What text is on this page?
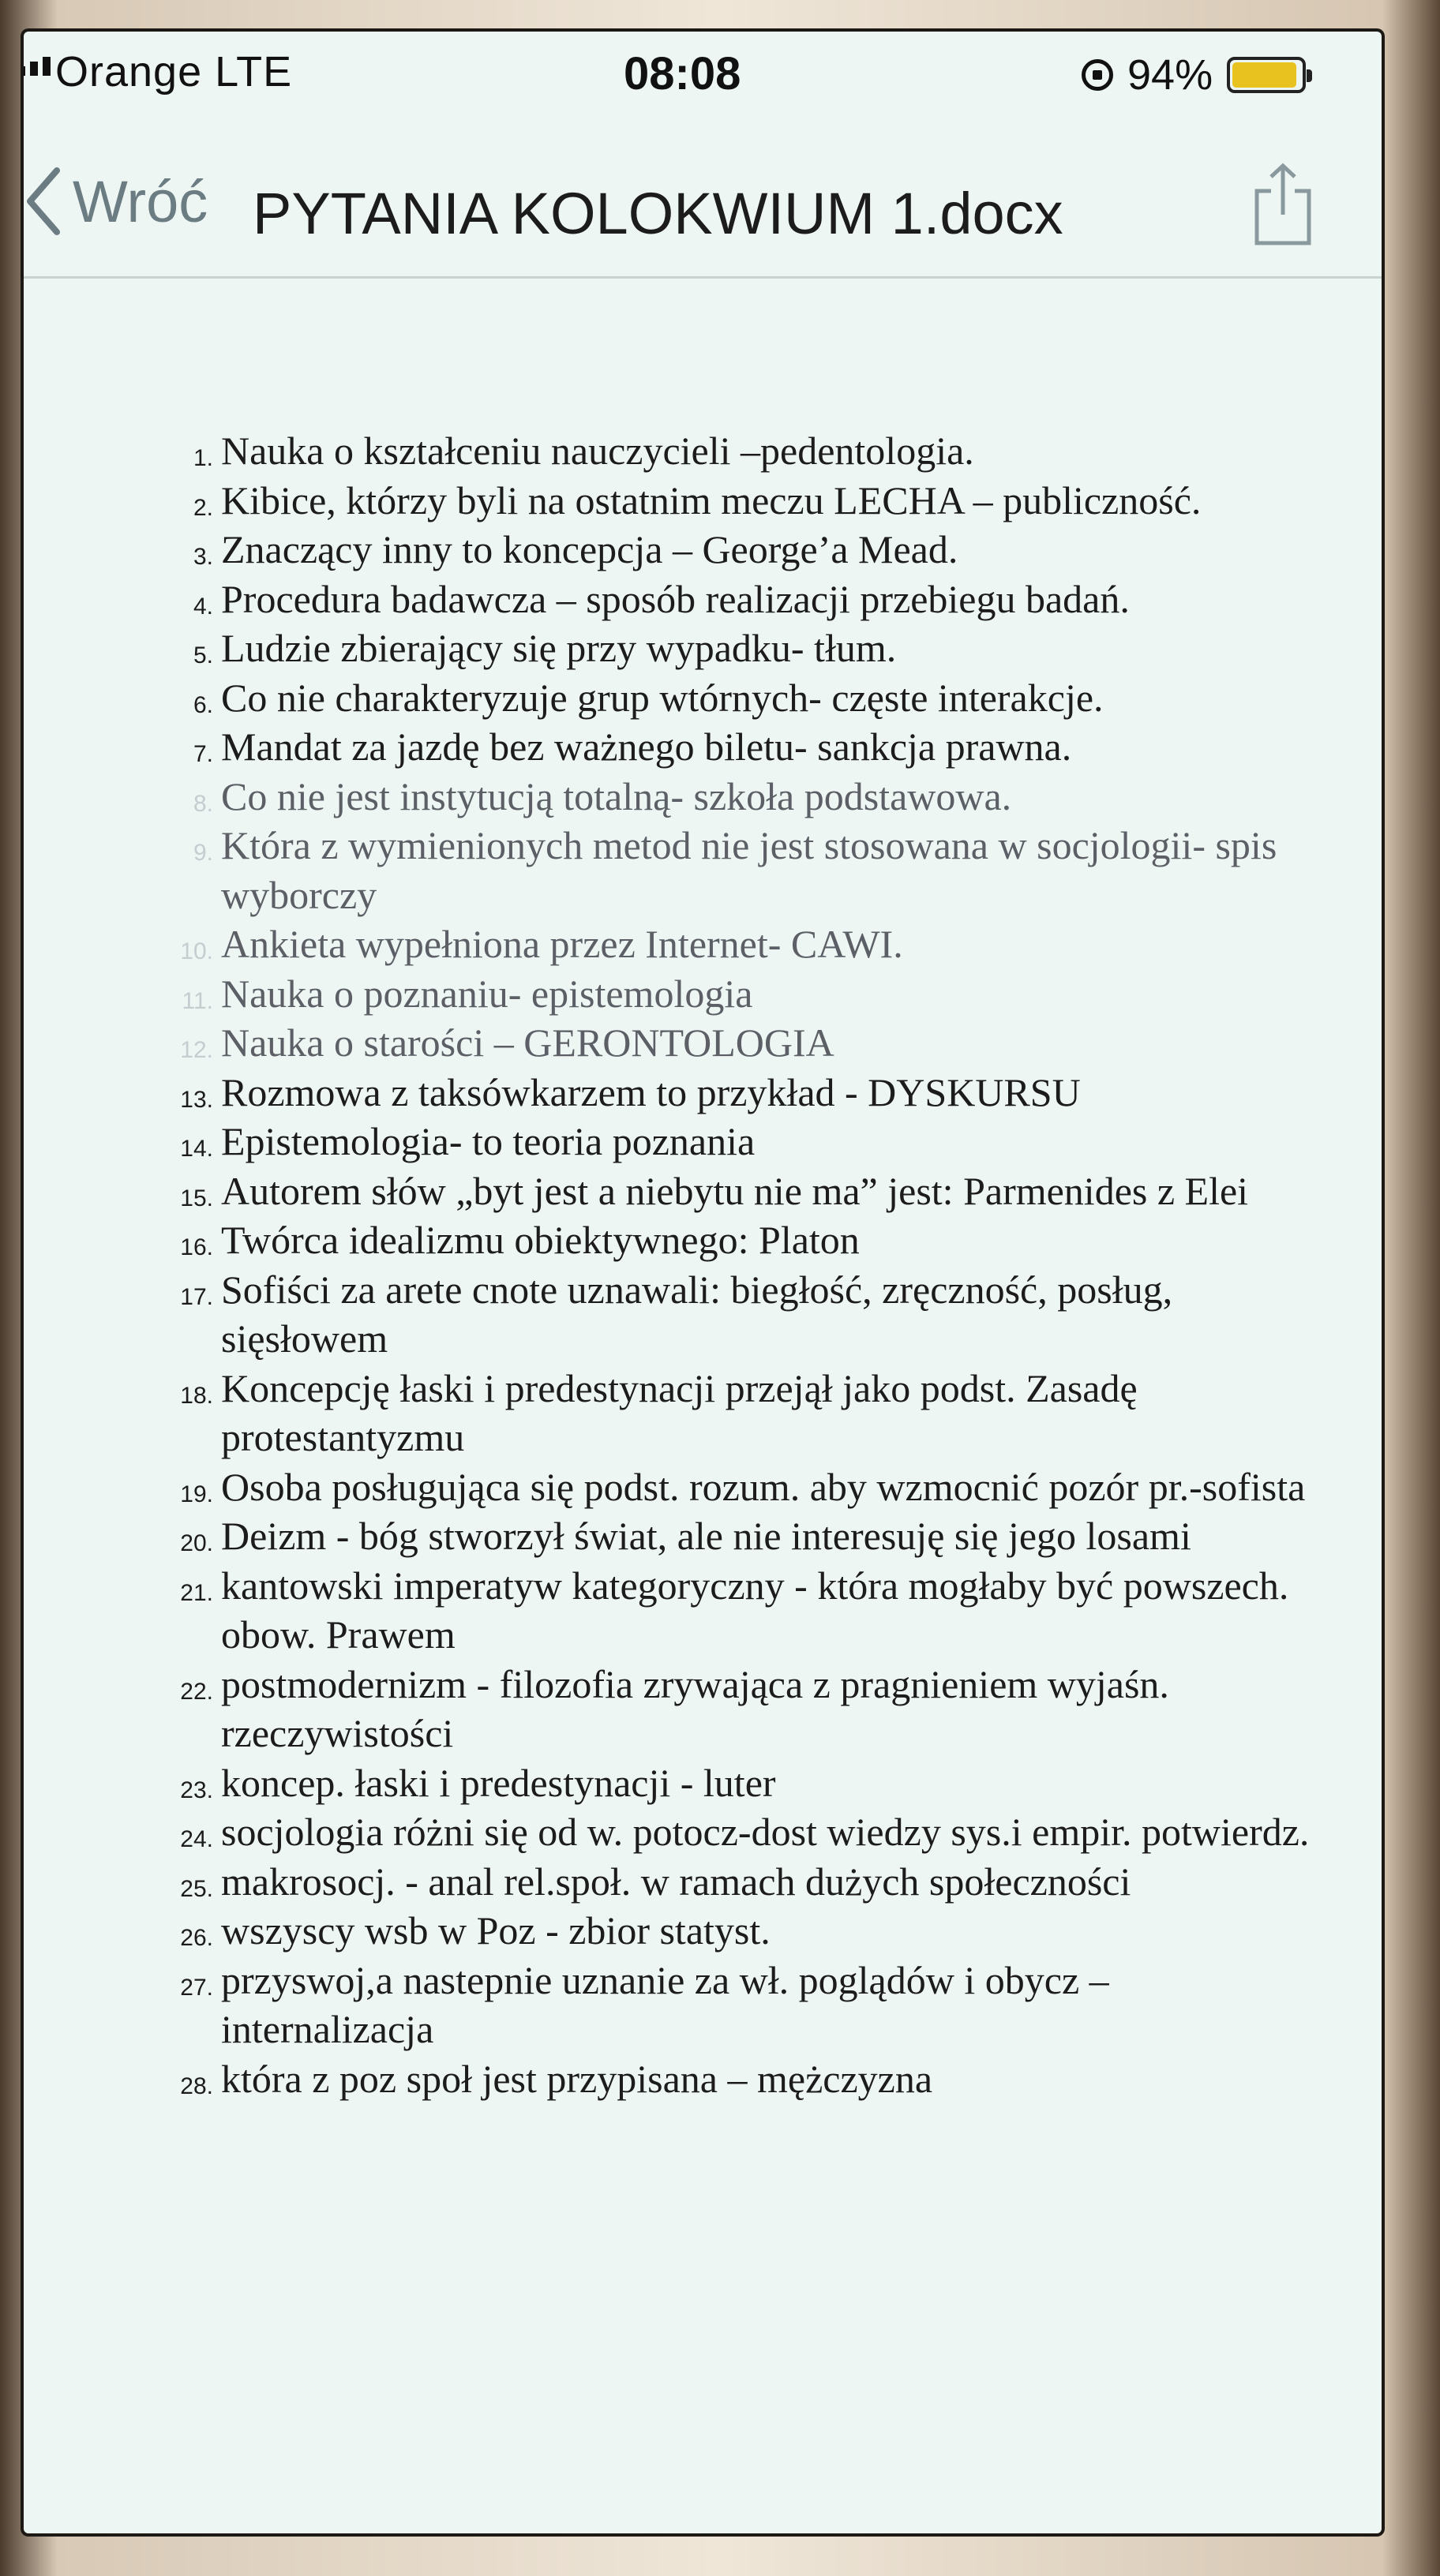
Orange LTE	08:08	94%
Wróć PYTANIA KOLOKWIUM 1.docx
1. Nauka o kształceniu nauczycieli –pedentologia.
2. Kibice, którzy byli na ostatnim meczu LECHA – publiczność.
3. Znaczący inny to koncepcja – George’a Mead.
4. Procedura badawcza – sposób realizacji przebiegu badań.
5. Ludzie zbierający się przy wypadku- tłum.
6. Co nie charakteryzuje grup wtórnych- częste interakcje.
7. Mandat za jazdę bez ważnego biletu- sankcja prawna.
8. Co nie jest instytucją totalną- szkoła podstawowa.
9. Która z wymienionych metod nie jest stosowana w socjologii- spis wyborczy
10. Ankieta wypełniona przez Internet- CAWI.
11. Nauka o poznaniu- epistemologia
12. Nauka o starości – GERONTOLOGIA
13. Rozmowa z taksówkarzem to przykład - DYSKURSU
14. Epistemologia- to teoria poznania
15. Autorem słów „byt jest a niebytu nie ma” jest: Parmenides z Elei
16. Twórca idealizmu obiektywnego: Platon
17. Sofiści za arete cnote uznawali: biegłość, zręczność, posług, sięsłowem
18. Koncepcję łaski i predestynacji przejął jako podst. Zasadę protestantyzmu
19. Osoba posługująca się podst. rozum. aby wzmocnić pozór pr.-sofista
20. Deizm - bóg stworzył świat, ale nie interesuję się jego losami
21. kantowski imperatyw kategoryczny - która mogłaby być powszech. obow. Prawem
22. postmodernizm - filozofia zrywająca z pragnieniem wyjaśn. rzeczywistości
23. koncep. łaski i predestynacji - luter
24. socjologia różni się od w. potocz-dost wiedzy sys.i empir. potwierdz.
25. makrosocj. - anal rel.społ. w ramach dużych społeczności
26. wszyscy wsb w Poz - zbior statyst.
27. przyswoj,a nastepnie uznanie za wł. poglądów i obycz – internalizacja
28. która z poz społ jest przypisana – mężczyzna
